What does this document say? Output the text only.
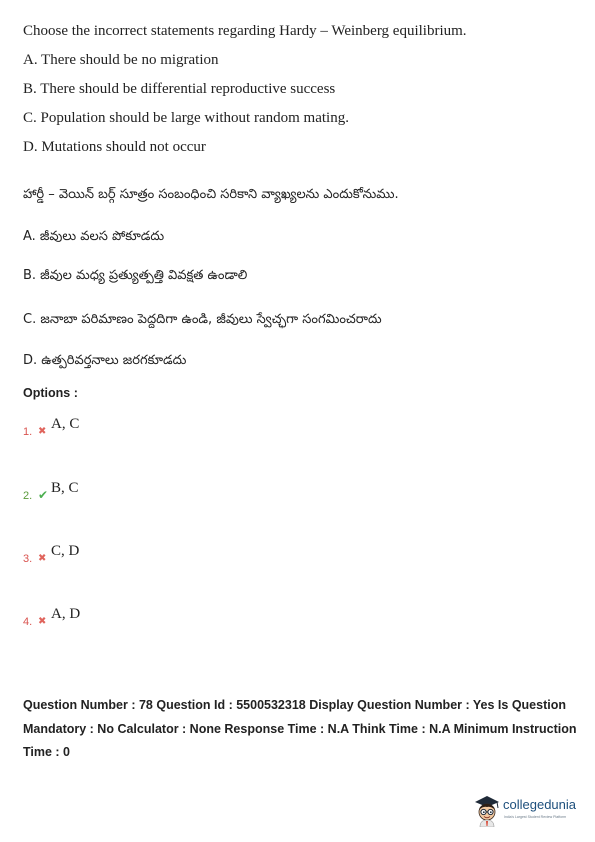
Choose the incorrect statements regarding Hardy – Weinberg equilibrium.
A. There should be no migration
B. There should be differential reproductive success
C. Population should be large without random mating.
D. Mutations should not occur
హార్డీ – వెయిన్ బర్గ్ సూత్రం సంబంధించి సరికాని వ్యాఖ్యలను ఎందుకోనుము.
A. జీవులు వలస పోకూడదు
B. జీవుల మధ్య ప్రత్యుత్పత్తి వివక్షత ఉండాలి
C. జనాబా పరిమాణం పెద్దదిగా ఉండి, జీవులు స్వేచ్ఛగా సంగమించరాదు
D. ఉత్పరివర్తనాలు జరగకూడదు
Options :
1. ✖ A, C
2. ✔ B, C
3. ✖ C, D
4. ✖ A, D
Question Number : 78 Question Id : 5500532318 Display Question Number : Yes Is Question Mandatory : No Calculator : None Response Time : N.A Think Time : N.A Minimum Instruction Time : 0
collegedunia
India's Largest Student Review Platform
